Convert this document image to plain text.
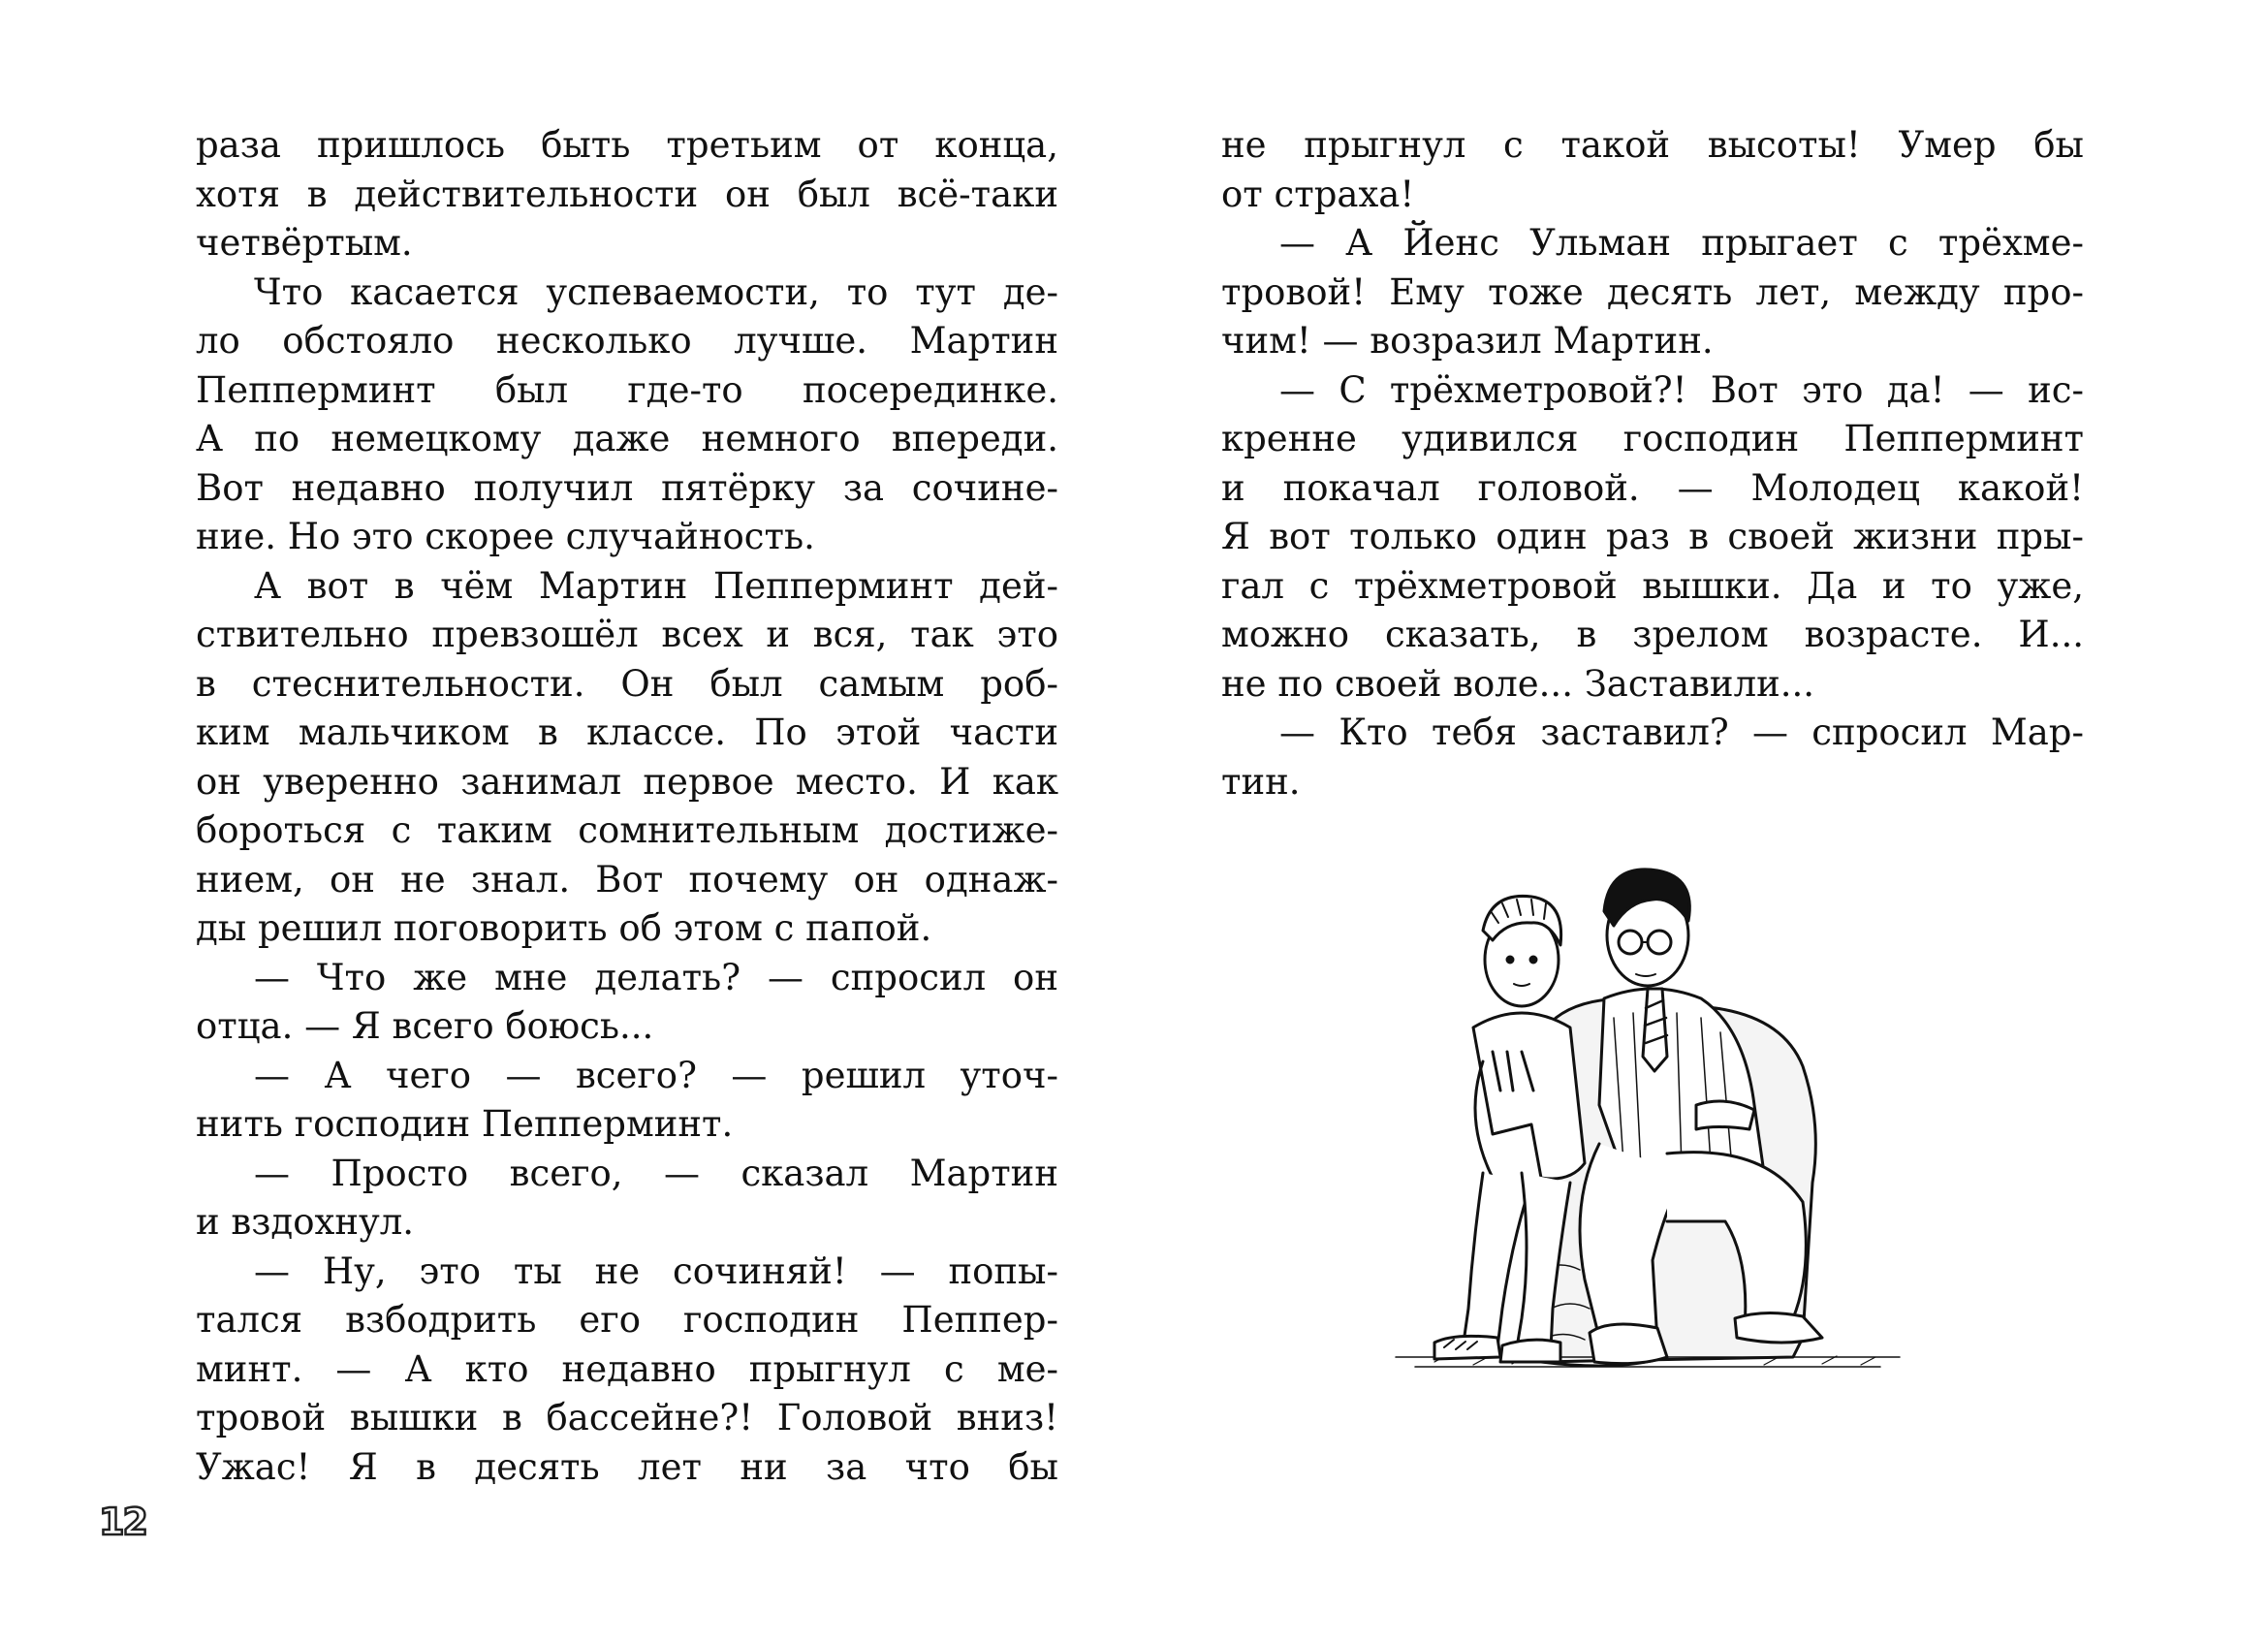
раза пришлось быть третьим от конца,
хотя в действительности он был всё-таки
четвёртым.
Что касается успеваемости, то тут де-
ло обстояло несколько лучше. Мартин
Пепперминт был где-то посерединке.
А по немецкому даже немного впереди.
Вот недавно получил пятёрку за сочине-
ние. Но это скорее случайность.
А вот в чём Мартин Пепперминт дей-
ствительно превзошёл всех и вся, так это
в стеснительности. Он был самым роб-
ким мальчиком в классе. По этой части
он уверенно занимал первое место. И как
бороться с таким сомнительным достиже-
нием, он не знал. Вот почему он однаж-
ды решил поговорить об этом с папой.
— Что же мне делать? — спросил он
отца. — Я всего боюсь...
— А чего — всего? — решил уточ-
нить господин Пепперминт.
— Просто всего, — сказал Мартин
и вздохнул.
— Ну, это ты не сочиняй! — попы-
тался взбодрить его господин Пеппер-
минт. — А кто недавно прыгнул с ме-
тровой вышки в бассейне?! Головой вниз!
Ужас! Я в десять лет ни за что бы
12
не прыгнул с такой высоты! Умер бы
от страха!
— А Йенс Ульман прыгает с трёхме-
тровой! Ему тоже десять лет, между про-
чим! — возразил Мартин.
— С трёхметровой?! Вот это да! — ис-
кренне удивился господин Пепперминт
и покачал головой. — Молодец какой!
Я вот только один раз в своей жизни пры-
гал с трёхметровой вышки. Да и то уже,
можно сказать, в зрелом возрасте. И...
не по своей воле... Заставили...
— Кто тебя заставил? — спросил Мар-
тин.
